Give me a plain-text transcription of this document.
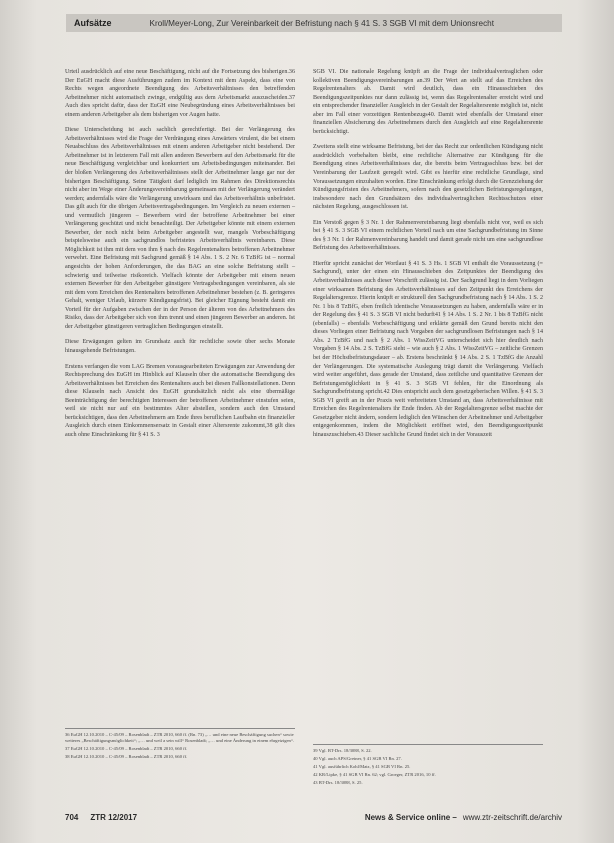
Aufsätze	Kroll/Meyer-Long, Zur Vereinbarkeit der Befristung nach § 41 S. 3 SGB VI mit dem Unionsrecht

Urteil ausdrücklich auf eine neue Beschäftigung, nicht auf die Fortsetzung des bisherigen.36 Der EuGH macht diese Ausführungen zudem im Kontext mit dem Aspekt, dass eine von Rechts wegen angeordnete Beendigung des Arbeitsverhältnisses den betreffenden Arbeitnehmer nicht automatisch zwinge, endgültig aus dem Arbeitsmarkt auszuscheiden.37 Auch dies spricht dafür, dass der EuGH eine Neubegründung eines Arbeitsverhältnisses bei einem anderen Arbeitgeber als dem bisherigen vor Augen hatte.

Diese Unterscheidung ist auch sachlich gerechtfertigt. Bei der Verlängerung des Arbeitsverhältnisses wird die Frage der Verdrängung eines Anwärters virulent, die bei einem Neuabschluss des Arbeitsverhältnisses mit einem anderen Arbeitgeber nicht bestehend. Der Arbeitnehmer ist in letzterem Fall mit allen anderen Bewerbern auf den Arbeitsmarkt für die neue Beschäftigung vergleichbar und konkurriert um Arbeitsbedingungen miteinander. Bei der bloßen Verlängerung des Arbeitsverhältnisses stellt der Arbeitnehmer lange gar nur der bisherigen Beschäftigung. Seine Tätigkeit darf lediglich im Rahmen des Direktionsrechts nicht aber im Wege einer Änderungsvereinbarung gemeinsam mit der Verlängerung verändert werden; andernfalls wäre die Verlängerung unwirksam und das Arbeitsverhältnis unbefristet. Das gilt auch für die übrigen Arbeitsvertragsbedingungen. Im Vergleich zu neuen externen – und vermutlich jüngeren – Bewerbern wird der betroffene Arbeitnehmer bei einer Verlängerung geschützt und nicht benachteiligt. Der Arbeitgeber könnte mit einem externen Bewerber, der noch nicht beim Arbeitgeber angestellt war, mangels Vorbeschäftigung beispielsweise auch ein sachgrundlos befristetes Arbeitsverhältnis vereinbaren. Diese Möglichkeit ist ihm mit dem von ihm § nach des Regelrentenalters betroffenen Arbeitnehmer verwehrt. Eine Befristung mit Sachgrund gemäß § 14 Abs. 1 S. 2 Nr. 6 TzBfG ist – normal angesichts der hohen Anforderungen, die das BAG an eine solche Befristung stellt – schwierig und teilweise risikoreich. Vielfach könnte der Arbeitgeber mit einem neuen externen Bewerber für den Arbeitgeber günstigere Vertragsbedingungen vereinbaren, als sie mit dem vom Erreichen des Rentenalters betroffenen Arbeitnehmer bestehen (z. B. geringeres Gehalt, weniger Urlaub, kürzere Kündigungsfrist). Bei gleicher Eignung besteht damit ein Vorteil für der Aufgaben zwischen der in der Person der älteren von des Arbeitnehmers des Risiko, dass der Arbeitgeber sich von ihm trennt und einen jüngeren Bewerber an anderen. Ist der Arbeitgeber günstigeren vertraglichen Bedingungen einstellt.

Diese Erwägungen gelten im Grundsatz auch für rechtliche sowie über sechs Monate hinausgehende Befristungen.

Erstens verfangen die vom LAG Bremen vorausgearbeiteten Erwägungen zur Anwendung der Rechtsprechung des EuGH im Hinblick auf Klauseln über die automatische Beendigung des Arbeitsverhältnisses bei Erreichen des Rentenalters auch bei diesen Fallkonstellationen. Denn diese Klauseln nach Ansicht des EuGH grundsätzlich nicht als eine übermäßige Beeinträchtigung der berechtigten Interessen der betroffenen Arbeitnehmer einstufen seien, weil sie nicht nur auf ein bestimmtes Alter abstellen, sondern auch den Umstand berücksichtigen, dass den Arbeitnehmern am Ende ihres beruflichen Laufbahn ein finanzieller Ausgleich durch einen Einkommensersatz in Gestalt einer Altersrente zukommt,38 gilt dies auch ohne Einschränkung für § 41 S. 3

SGB VI. Die nationale Regelung knüpft an die Frage der individualvertraglichen oder kollektiven Beendigungsvereinbarungen an.39 Der Wert an stellt auf das Erreichen des Regelrentenalters ab. Damit wird deutlich, dass ein Hinausschieben des Beendigungszeitpunktes nur dann zulässig ist, wenn das Regelrentenalter erreicht wird und ein entsprechender finanzieller Ausgleich in der Gestalt der Regelaltersrente möglich ist, nicht aber im Fall einer vorzeitigen Rentenbezugs40. Damit wird ebenfalls der Umstand einer finanziellen Absicherung des Arbeitnehmers durch den Ausgleich auf eine Regelaltersrente berücksichtigt.

Zweitens stellt eine wirksame Befristung, bei der das Recht zur ordentlichen Kündigung nicht ausdrücklich vorbehalten bleibt, eine rechtliche Alternative zur Kündigung für die Beendigung eines Arbeitsverhältnisses dar, die bereits beim Vertragsschluss bzw. bei der Vereinbarung der Laufzeit geregelt wird. Gibt es hierfür eine rechtliche Grundlage, sind Voraussetzungen einzuhalten worden. Eine Einschränkung erfolgt durch die Grenzziehung der Kündigungsfristen des Arbeitnehmers, sofern nach den gesetzlichen Befristungsregelungen, insbesondere nach den Grundsätzen des individualvertraglichen Rechtsschutzes einer nächsten Regelung, ausgeschlossen ist.

Ein Verstoß gegen § 3 Nr. 1 der Rahmenvereinbarung liegt ebenfalls nicht vor, weil es sich bei § 41 S. 3 SGB VI einem rechtlichen Vorteil nach um eine Sachgrundbefristung im Sinne des § 3 Nr. 1 der Rahmenvereinbarung handelt und damit gerade nicht um eine sachgrundlose Befristung des Arbeitsverhältnisses.

Hierfür spricht zunächst der Wortlaut § 41 S. 3 Hs. 1 SGB VI enthält die Voraussetzung (= Sachgrund), unter der einen ein Hinausschieben des Zeitpunktes der Beendigung des Arbeitsverhältnisses auch dieser Vorschrift zulässig ist. Der Sachgrund liegt in dem Vorliegen einer wirksamen Befristung des Arbeitsverhältnisses auf den Zeitpunkt des Erreichens der Regelaltersgrenze. Hierin knüpft er strukturell den Sachgrundbefristung nach § 14 Abs. 1 S. 2 Nr. 1 bis 8 TzBfG, eben freilich identische Voraussetzungen zu haben, andernfalls wäre er in der Regelung des § 41 S. 3 SGB VI nicht bedurft41 § 14 Abs. 1 S. 2 Nr. 1 bis 8 TzBfG nicht (ebenfalls) – ebenfalls Vorbeschäftigung und erklärte gemäß den Grund bereits nicht den dieses Vorliegen einer Befristung nach Vorgaben der sachgrundlosen Befristungen nach § 14 Abs. 2 TzBfG und nach § 2 Abs. 1 WissZeitVG unterscheidet sich hier deutlich nach Vorgaben § 14 Abs. 2 S. TzBfG sieht – wie auch § 2 Abs. 1 WissZeitVG – zeitliche Grenzen bei der Höchstbefristungsdauer – ab. Erstens beschränkt § 14 Abs. 2 S. 1 TzBfG die Anzahl der Verlängerungen. Die systematische Auslegung trägt damit die Verlängerung. Vielfach wird weiter angeführt, dass gerade der Umstand, dass zeitliche und quantitative Grenzen der Befristungsmöglichkeit in § 41 S. 3 SGB VI fehlen, für die Einordnung als Sachgrundbefristung spricht.42 Dies entspricht auch dem gesetzgeberischen Willen. § 41 S. 3 SGB VI greift an in der Praxis weit verbreiteten Umstand an, dass Arbeitsverhältnisse mit Erreichen des Regelrentenalters ihr Ende finden. Ab der Regelaltersgrenze selbst machte der Gesetzgeber nicht ändern, sondern lediglich den Wünschen der Arbeitnehmer und Arbeitgeber entgegenkommen, indem die Möglichkeit eröffnet wird, den Beendigungszeitpunkt hinauszuschieben.43 Dieser sachliche Grund findet sich in der Vorauszeit

36 EuGH 12.10.2010 – C-45/09 – Rosenbladt – ZTR 2010, 660 ff. (Rn. 73) „… und eine neue Beschäftigung suchen“ sowie weiteres „Beschäftigungsmöglichkeit“; „… und weil a sein will“ Rosenbladt; „… und eine Änderung in einem ehrgeizigen“.
37 EuGH 12.10.2010 – C-45/09 – Rosenbladt – ZTR 2010, 660 ff.
38 EuGH 12.10.2010 – C-45/09 – Rosenbladt – ZTR 2010, 660 ff.
39 Vgl. BT-Drs. 18/3088, S. 22.
40 Vgl. auch APS/Greiner, § 41 SGB VI Rn. 27.
41 Vgl. ausführlich Kohl/Matz, § 41 SGB VI Rn. 25.
42 KR/Lipke, § 41 SGB VI Rn. 62; vgl. Groeger, ZTR 2016, 10 ff.
43 BT-Drs. 18/3088, S. 25.
704 ZTR 12/2017	News & Service online – www.ztr-zeitschrift.de/archiv
